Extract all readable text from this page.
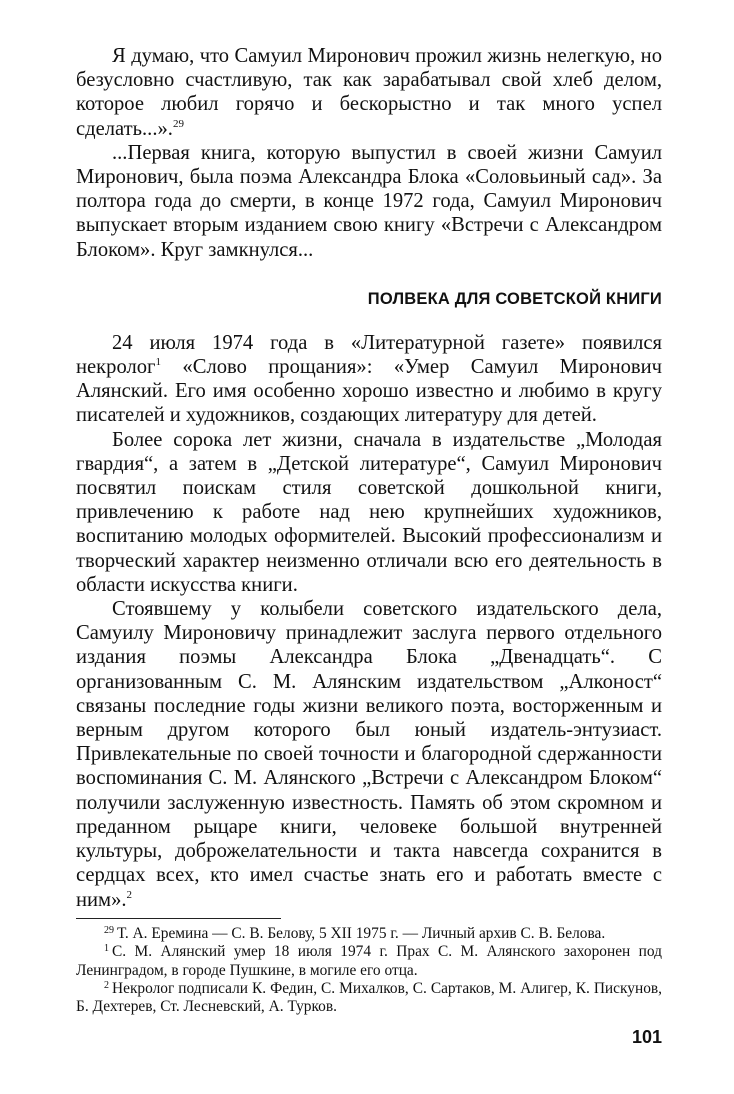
Я думаю, что Самуил Миронович прожил жизнь нелегкую, но безусловно счастливую, так как зарабатывал свой хлеб делом, которое любил горячо и бескорыстно и так много успел сделать...».$^{29}$

...Первая книга, которую выпустил в своей жизни Самуил Миронович, была поэма Александра Блока «Соловьиный сад». За полтора года до смерти, в конце 1972 года, Самуил Миронович выпускает вторым изданием свою книгу «Встречи с Александром Блоком». Круг замкнулся...

ПОЛВЕКА ДЛЯ СОВЕТСКОЙ КНИГИ

24 июля 1974 года в «Литературной газете» появился некролог$^1$ «Слово прощания»: «Умер Самуил Миронович Алянский. Его имя особенно хорошо известно и любимо в кругу писателей и художников, создающих литературу для детей.

Более сорока лет жизни, сначала в издательстве „Молодая гвардия“, а затем в „Детской литературе“, Самуил Миронович посвятил поискам стиля советской дошкольной книги, привлечению к работе над нею крупнейших художников, воспитанию молодых оформителей. Высокий профессионализм и творческий характер неизменно отличали всю его деятельность в области искусства книги.

Стоявшему у колыбели советского издательского дела, Самуилу Мироновичу принадлежит заслуга первого отдельного издания поэмы Александра Блока „Двенадцать“. С организованным С. М. Алянским издательством „Алконост“ связаны последние годы жизни великого поэта, восторженным и верным другом которого был юный издатель-энтузиаст. Привлекательные по своей точности и благородной сдержанности воспоминания С. М. Алянского „Встречи с Александром Блоком“ получили заслуженную известность. Память об этом скромном и преданном рыцаре книги, человеке большой внутренней культуры, доброжелательности и такта навсегда сохранится в сердцах всех, кто имел счастье знать его и работать вместе с ним».$^2$

$^{29}$ Т. А. Еремина — С. В. Белову, 5 XII 1975 г. — Личный архив С. В. Белова.

$^1$ С. М. Алянский умер 18 июля 1974 г. Прах С. М. Алянского захоронен под Ленинградом, в городе Пушкине, в могиле его отца.

$^2$ Некролог подписали К. Федин, С. Михалков, С. Сартаков, М. Алигер, К. Пискунов, Б. Дехтерев, Ст. Лесневский, А. Турков.

101
